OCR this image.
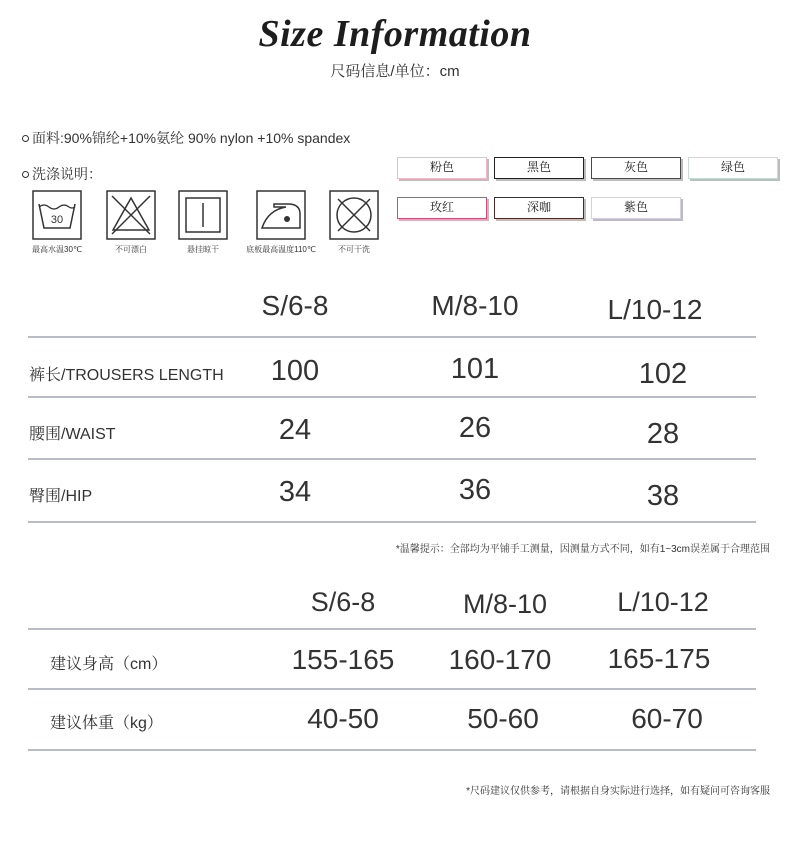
Size Information
尺码信息/单位：cm
面料:90%锦纶+10%氨纶 90% nylon +10% spandex
洗涤说明：
30
最高水温30℃	不可漂白	悬挂晾干	底板最高温度110℃	不可干洗
粉色	黑色	灰色	绿色
玫红	深咖	紫色
S/6-8	M/8-10	L/10-12
裤长/TROUSERS LENGTH	100	101	102
腰围/WAIST	24	26	28
臀围/HIP	34	36	38
*温馨提示：全部均为平铺手工测量，因测量方式不同，如有1~3cm误差属于合理范围
S/6-8	M/8-10	L/10-12
建议身高（cm）	155-165	160-170	165-175
建议体重（kg）	40-50	50-60	60-70
*尺码建议仅供参考，请根据自身实际进行选择，如有疑问可咨询客服
